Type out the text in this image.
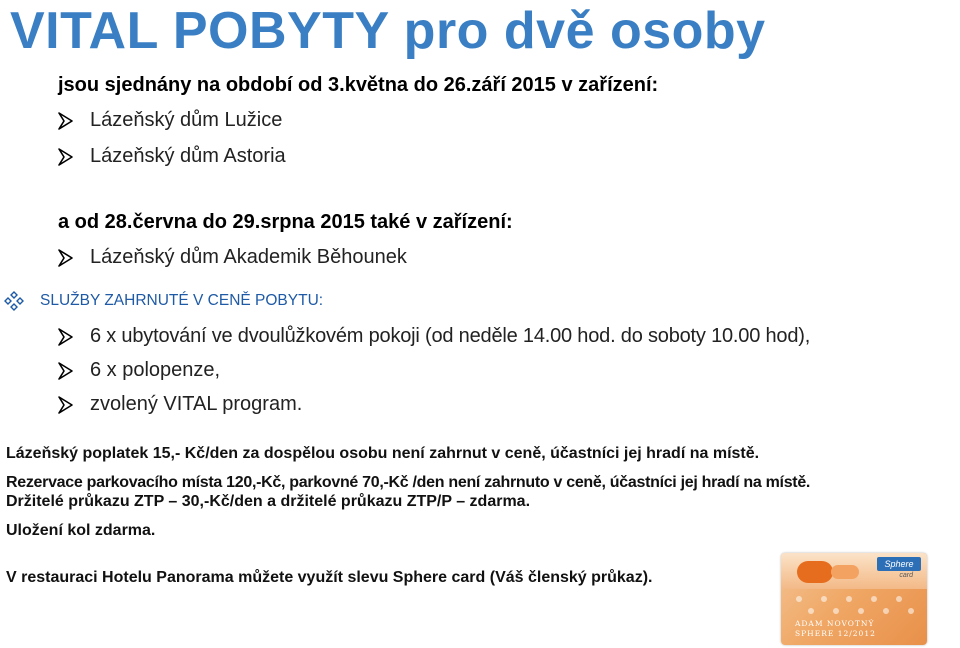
VITAL POBYTY pro dvě osoby
jsou sjednány na období od 3.května do 26.září 2015 v zařízení:
Lázeňský dům Lužice
Lázeňský dům Astoria
a od 28.června do 29.srpna 2015 také v zařízení:
Lázeňský dům Akademik Běhounek
SLUŽBY ZAHRNUTÉ V CENĚ POBYTU:
6 x ubytování ve dvoulůžkovém pokoji (od neděle 14.00 hod. do soboty 10.00 hod),
6 x polopenze,
zvolený VITAL program.
Lázeňský poplatek 15,- Kč/den za dospělou osobu není zahrnut v ceně, účastníci jej hradí na místě.
Rezervace parkovacího místa 120,-Kč, parkovné 70,-Kč /den není zahrnuto v ceně, účastníci jej hradí na místě.
Držitelé průkazu ZTP – 30,-Kč/den a držitelé průkazu ZTP/P – zdarma.
Uložení kol zdarma.
V restauraci Hotelu Panorama můžete využít slevu Sphere card (Váš členský průkaz).
Sphere
card
ADAM NOVOTNÝ
SPHERE 12/2012
